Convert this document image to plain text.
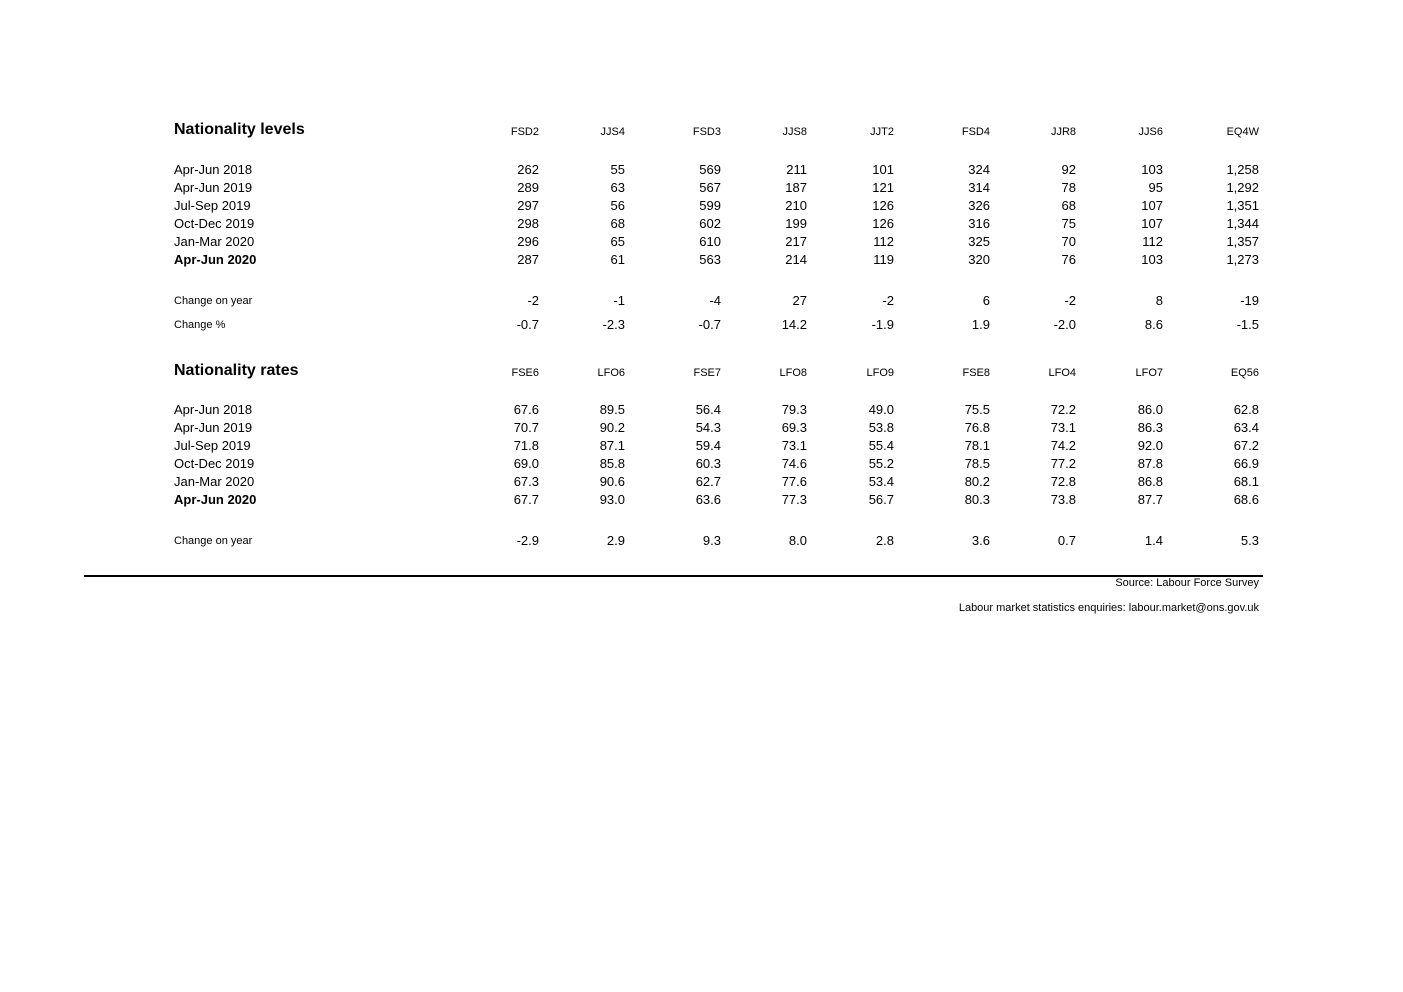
Nationality levels	FSD2	JJS4	FSD3	JJS8	JJT2	FSD4	JJR8	JJS6	EQ4W
Apr-Jun 2018	262	55	569	211	101	324	92	103	1,258
Apr-Jun 2019	289	63	567	187	121	314	78	95	1,292
Jul-Sep 2019	297	56	599	210	126	326	68	107	1,351
Oct-Dec 2019	298	68	602	199	126	316	75	107	1,344
Jan-Mar 2020	296	65	610	217	112	325	70	112	1,357
Apr-Jun 2020	287	61	563	214	119	320	76	103	1,273
Change on year	-2	-1	-4	27	-2	6	-2	8	-19
Change %	-0.7	-2.3	-0.7	14.2	-1.9	1.9	-2.0	8.6	-1.5
Nationality rates	FSE6	LFO6	FSE7	LFO8	LFO9	FSE8	LFO4	LFO7	EQ56
Apr-Jun 2018	67.6	89.5	56.4	79.3	49.0	75.5	72.2	86.0	62.8
Apr-Jun 2019	70.7	90.2	54.3	69.3	53.8	76.8	73.1	86.3	63.4
Jul-Sep 2019	71.8	87.1	59.4	73.1	55.4	78.1	74.2	92.0	67.2
Oct-Dec 2019	69.0	85.8	60.3	74.6	55.2	78.5	77.2	87.8	66.9
Jan-Mar 2020	67.3	90.6	62.7	77.6	53.4	80.2	72.8	86.8	68.1
Apr-Jun 2020	67.7	93.0	63.6	77.3	56.7	80.3	73.8	87.7	68.6
Change on year	-2.9	2.9	9.3	8.0	2.8	3.6	0.7	1.4	5.3
Source: Labour Force Survey
Labour market statistics enquiries: labour.market@ons.gov.uk
